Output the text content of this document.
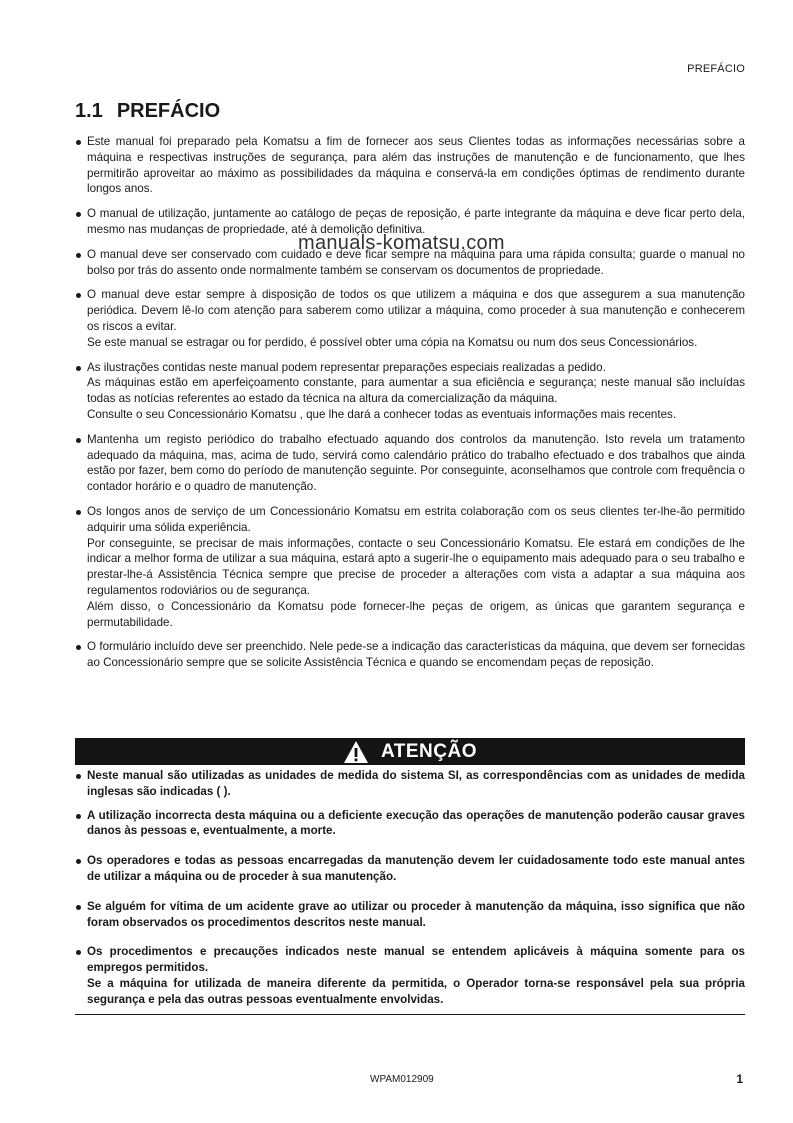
PREFÁCIO
1.1 PREFÁCIO
Este manual foi preparado pela Komatsu a fim de fornecer aos seus Clientes todas as informações necessárias sobre a máquina e respectivas instruções de segurança, para além das instruções de manutenção e de funcionamento, que lhes permitirão aproveitar ao máximo as possibilidades da máquina e conservá-la em condições óptimas de rendimento durante longos anos.
O manual de utilização, juntamente ao catálogo de peças de reposição, é parte integrante da máquina e deve ficar perto dela, mesmo nas mudanças de propriedade, até à demolição definitiva.
O manual deve ser conservado com cuidado e deve ficar sempre na máquina para uma rápida consulta; guarde o manual no bolso por trás do assento onde normalmente também se conservam os documentos de propriedade.
O manual deve estar sempre à disposição de todos os que utilizem a máquina e dos que assegurem a sua manutenção periódica. Devem lê-lo com atenção para saberem como utilizar a máquina, como proceder à sua manutenção e conhecerem os riscos a evitar.
Se este manual se estragar ou for perdido, é possível obter uma cópia na Komatsu ou num dos seus Concessionários.
As ilustrações contidas neste manual podem representar preparações especiais realizadas a pedido.
As máquinas estão em aperfeiçoamento constante, para aumentar a sua eficiência e segurança; neste manual são incluídas todas as notícias referentes ao estado da técnica na altura da comercialização da máquina.
Consulte o seu Concessionário Komatsu , que lhe dará a conhecer todas as eventuais informações mais recentes.
Mantenha um registo periódico do trabalho efectuado aquando dos controlos da manutenção. Isto revela um tratamento adequado da máquina, mas, acima de tudo, servirá como calendário prático do trabalho efectuado e dos trabalhos que ainda estão por fazer, bem como do período de manutenção seguinte. Por conseguinte, aconselhamos que controle com frequência o contador horário e o quadro de manutenção.
Os longos anos de serviço de um Concessionário Komatsu em estrita colaboração com os seus clientes ter-lhe-ão permitido adquirir uma sólida experiência.
Por conseguinte, se precisar de mais informações, contacte o seu Concessionário Komatsu. Ele estará em condições de lhe indicar a melhor forma de utilizar a sua máquina, estará apto a sugerir-lhe o equipamento mais adequado para o seu trabalho e prestar-lhe-á Assistência Técnica sempre que precise de proceder a alterações com vista a adaptar a sua máquina aos regulamentos rodoviários ou de segurança.
Além disso, o Concessionário da Komatsu pode fornecer-lhe peças de origem, as únicas que garantem segurança e permutabilidade.
O formulário incluído deve ser preenchido. Nele pede-se a indicação das características da máquina, que devem ser fornecidas ao Concessionário sempre que se solicite Assistência Técnica e quando se encomendam peças de reposição.
manuals-komatsu.com
ATENÇÃO
Neste manual são utilizadas as unidades de medida do sistema SI, as correspondências com as unidades de medida inglesas são indicadas ( ).
A utilização incorrecta desta máquina ou a deficiente execução das operações de manutenção poderão causar graves danos às pessoas e, eventualmente, a morte.
Os operadores e todas as pessoas encarregadas da manutenção devem ler cuidadosamente todo este manual antes de utilizar a máquina ou de proceder à sua manutenção.
Se alguém for vítima de um acidente grave ao utilizar ou proceder à manutenção da máquina, isso significa que não foram observados os procedimentos descritos neste manual.
Os procedimentos e precauções indicados neste manual se entendem aplicáveis à máquina somente para os empregos permitidos.
Se a máquina for utilizada de maneira diferente da permitida, o Operador torna-se responsável pela sua própria segurança e pela das outras pessoas eventualmente envolvidas.
WPAM012909	1
